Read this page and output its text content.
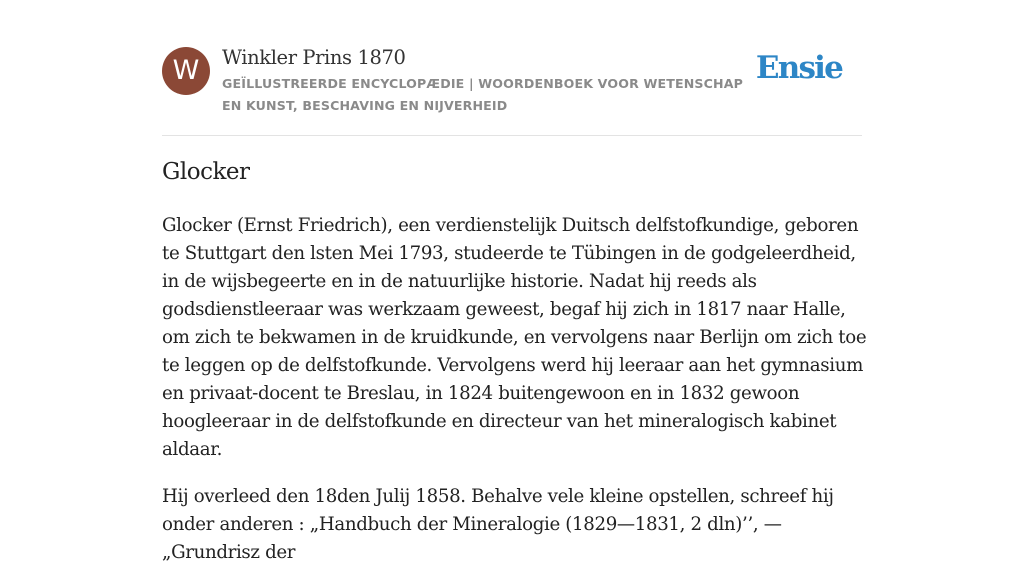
W	Winkler Prins 1870
GEÏLLUSTREERDE ENCYCLOPÆDIE | WOORDENBOEK VOOR WETENSCHAP EN KUNST, BESCHAVING EN NIJVERHEID
Ensie
Glocker

Glocker (Ernst Friedrich), een verdienstelijk Duitsch delfstofkundige, geboren te Stuttgart den lsten Mei 1793, studeerde te Tübingen in de godgeleerdheid, in de wijsbegeerte en in de natuurlijke historie. Nadat hij reeds als godsdienstleeraar was werkzaam geweest, begaf hij zich in 1817 naar Halle, om zich te bekwamen in de kruidkunde, en vervolgens naar Berlijn om zich toe te leggen op de delfstofkunde. Vervolgens werd hij leeraar aan het gymnasium en privaat-docent te Breslau, in 1824 buitengewoon en in 1832 gewoon hoogleeraar in de delfstofkunde en directeur van het mineralogisch kabinet aldaar.

Hij overleed den 18den Julij 1858. Behalve vele kleine opstellen, schreef hij onder anderen : „Handbuch der Mineralogie (1829—1831, 2 dln)’’, — „Grundrisz der
